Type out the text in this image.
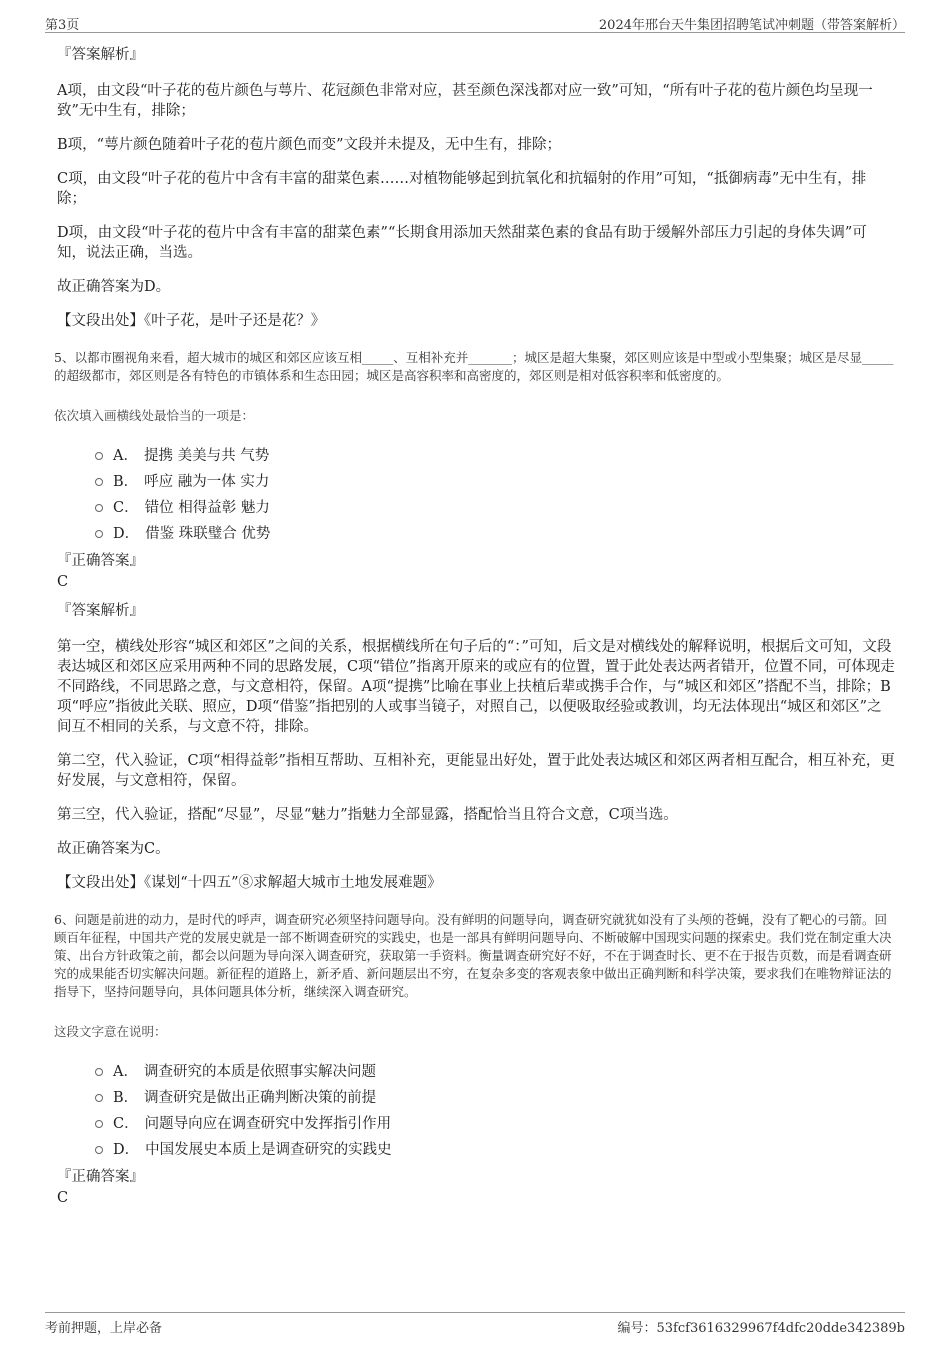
第3页	2024年邢台天牛集团招聘笔试冲刺题（带答案解析）
『答案解析』
A项，由文段“叶子花的苞片颜色与萼片、花冠颜色非常对应，甚至颜色深浅都对应一致”可知，“所有叶子花的苞片颜色均呈现一致”无中生有，排除；
B项，“萼片颜色随着叶子花的苞片颜色而变”文段并未提及，无中生有，排除；
C项，由文段“叶子花的苞片中含有丰富的甜菜色素……对植物能够起到抗氧化和抗辐射的作用”可知，“抵御病毒”无中生有，排除；
D项，由文段“叶子花的苞片中含有丰富的甜菜色素”“长期食用添加天然甜菜色素的食品有助于缓解外部压力引起的身体失调”可知，说法正确，当选。
故正确答案为D。
【文段出处】《叶子花，是叶子还是花？》
5、以都市圈视角来看，超大城市的城区和郊区应该互相_____、互相补充并_______；城区是超大集聚，郊区则应该是中型或小型集聚；城区是尽显_____的超级都市，郊区则是各有特色的市镇体系和生态田园；城区是高容积率和高密度的，郊区则是相对低容积率和低密度的。
依次填入画横线处最恰当的一项是：
A． 提携 美美与共 气势
B． 呼应 融为一体 实力
C． 错位 相得益彰 魅力
D． 借鉴 珠联璧合 优势
『正确答案』
C
『答案解析』
第一空，横线处形容“城区和郊区”之间的关系，根据横线所在句子后的“：”可知，后文是对横线处的解释说明，根据后文可知，文段表达城区和郊区应采用两种不同的思路发展，C项“错位”指离开原来的或应有的位置，置于此处表达两者错开，位置不同，可体现走不同路线，不同思路之意，与文意相符，保留。A项“提携”比喻在事业上扶植后辈或携手合作，与“城区和郊区”搭配不当，排除；B项“呼应”指彼此关联、照应，D项“借鉴”指把别的人或事当镜子，对照自己，以便吸取经验或教训，均无法体现出“城区和郊区”之间互不相同的关系，与文意不符，排除。
第二空，代入验证，C项“相得益彰”指相互帮助、互相补充，更能显出好处，置于此处表达城区和郊区两者相互配合，相互补充，更好发展，与文意相符，保留。
第三空，代入验证，搭配“尽显”，尽显“魅力”指魅力全部显露，搭配恰当且符合文意，C项当选。
故正确答案为C。
【文段出处】《谋划“十四五”⑧求解超大城市土地发展难题》
6、问题是前进的动力，是时代的呼声，调查研究必须坚持问题导向。没有鲜明的问题导向，调查研究就犹如没有了头颅的苍蝇，没有了靶心的弓箭。回顾百年征程，中国共产党的发展史就是一部不断调查研究的实践史，也是一部具有鲜明问题导向、不断破解中国现实问题的探索史。我们党在制定重大决策、出台方针政策之前，都会以问题为导向深入调查研究，获取第一手资料。衡量调查研究好不好，不在于调查时长、更不在于报告页数，而是看调查研究的成果能否切实解决问题。新征程的道路上，新矛盾、新问题层出不穷，在复杂多变的客观表象中做出正确判断和科学决策，要求我们在唯物辩证法的指导下，坚持问题导向，具体问题具体分析，继续深入调查研究。
这段文字意在说明：
A． 调查研究的本质是依照事实解决问题
B． 调查研究是做出正确判断决策的前提
C． 问题导向应在调查研究中发挥指引作用
D． 中国发展史本质上是调查研究的实践史
『正确答案』
C
考前押题，上岸必备	编号：53fcf3616329967f4dfc20dde342389b
